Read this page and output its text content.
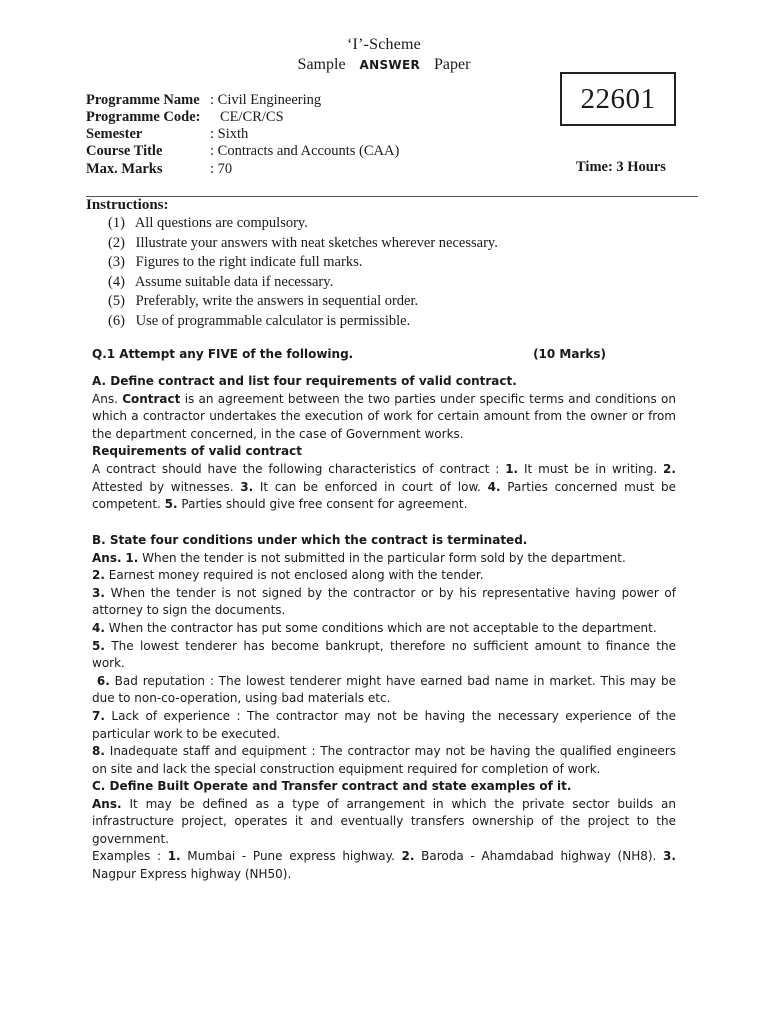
‘I’-Scheme
Sample ANSWER Paper
22601
Programme Name : Civil Engineering
Programme Code: CE/CR/CS
Semester	: Sixth
Course Title	: Contracts and Accounts (CAA)
Max. Marks	: 70	Time: 3 Hours
Instructions:
(1) All questions are compulsory.
(2) Illustrate your answers with neat sketches wherever necessary.
(3) Figures to the right indicate full marks.
(4) Assume suitable data if necessary.
(5) Preferably, write the answers in sequential order.
(6) Use of programmable calculator is permissible.
Q.1 Attempt any FIVE of the following.	(10 Marks)

A. Define contract and list four requirements of valid contract.

Ans. Contract is an agreement between the two parties under specific terms and conditions on which a contractor undertakes the execution of work for certain amount from the owner or from the department concerned, in the case of Government works.

Requirements of valid contract

A contract should have the following characteristics of contract : 1. It must be in writing. 2. Attested by witnesses. 3. It can be enforced in court of low. 4. Parties concerned must be competent. 5. Parties should give free consent for agreement.

B. State four conditions under which the contract is terminated.

Ans. 1. When the tender is not submitted in the particular form sold by the department.

2. Earnest money required is not enclosed along with the tender.

3. When the tender is not signed by the contractor or by his representative having power of attorney to sign the documents.

4. When the contractor has put some conditions which are not acceptable to the department.

5. The lowest tenderer has become bankrupt, therefore no sufficient amount to finance the work.

6. Bad reputation : The lowest tenderer might have earned bad name in market. This may be due to non-co-operation, using bad materials etc.

7. Lack of experience : The contractor may not be having the necessary experience of the particular work to be executed.

8. Inadequate staff and equipment : The contractor may not be having the qualified engineers on site and lack the special construction equipment required for completion of work.

C. Define Built Operate and Transfer contract and state examples of it.

Ans. It may be defined as a type of arrangement in which the private sector builds an infrastructure project, operates it and eventually transfers ownership of the project to the government.

Examples : 1. Mumbai - Pune express highway. 2. Baroda - Ahamdabad highway (NH8). 3. Nagpur Express highway (NH50).
